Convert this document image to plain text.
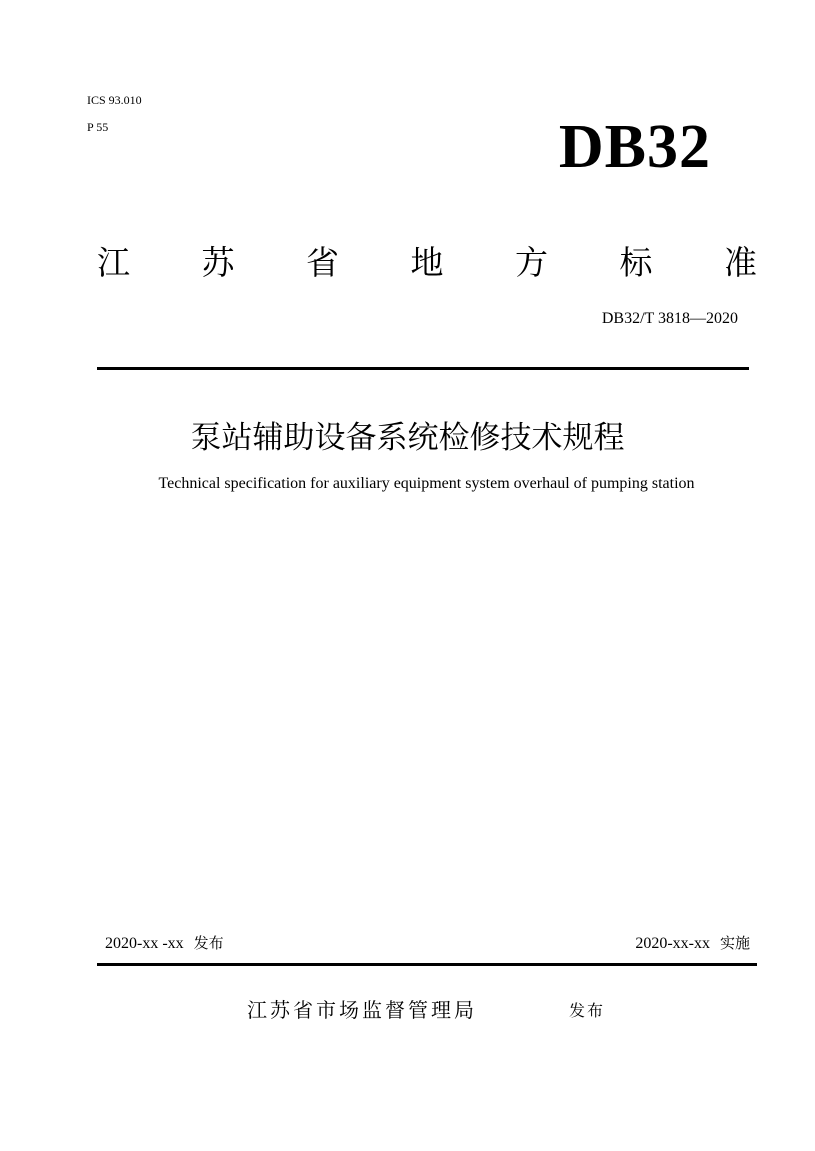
ICS 93.010
P 55	DB32
江 苏 省 地 方 标 准
DB32/T 3818—2020
泵站辅助设备系统检修技术规程
Technical specification for auxiliary equipment system overhaul of pumping station
2020-xx -xx 发布	2020-xx-xx 实施
江苏省市场监督管理局	发布
